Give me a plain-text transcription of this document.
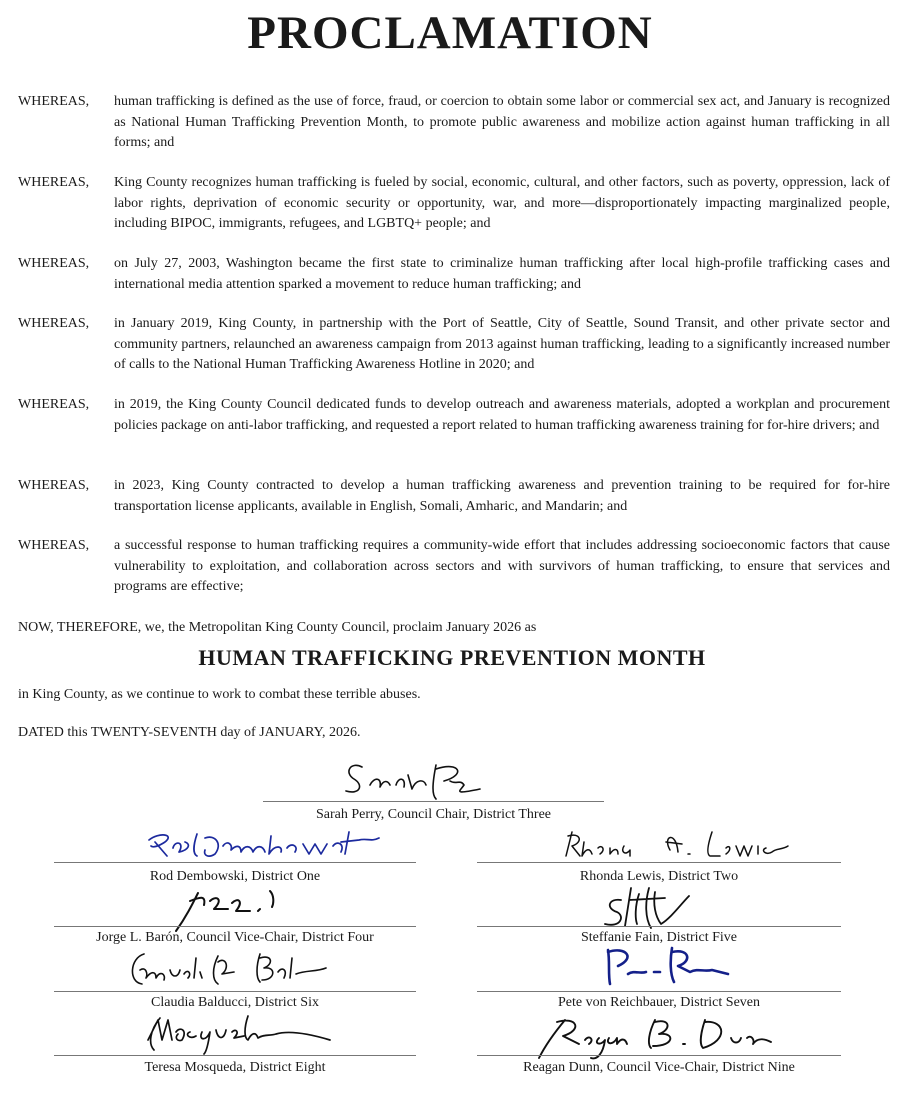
PROCLAMATION
WHEREAS, human trafficking is defined as the use of force, fraud, or coercion to obtain some labor or commercial sex act, and January is recognized as National Human Trafficking Prevention Month, to promote public awareness and mobilize action against human trafficking in all forms; and
WHEREAS, King County recognizes human trafficking is fueled by social, economic, cultural, and other factors, such as poverty, oppression, lack of labor rights, deprivation of economic security or opportunity, war, and more—disproportionately impacting marginalized people, including BIPOC, immigrants, refugees, and LGBTQ+ people; and
WHEREAS, on July 27, 2003, Washington became the first state to criminalize human trafficking after local high-profile trafficking cases and international media attention sparked a movement to reduce human trafficking; and
WHEREAS, in January 2019, King County, in partnership with the Port of Seattle, City of Seattle, Sound Transit, and other private sector and community partners, relaunched an awareness campaign from 2013 against human trafficking, leading to a significantly increased number of calls to the National Human Trafficking Awareness Hotline in 2020; and
WHEREAS, in 2019, the King County Council dedicated funds to develop outreach and awareness materials, adopted a workplan and procurement policies package on anti-labor trafficking, and requested a report related to human trafficking awareness training for for-hire drivers; and
WHEREAS, in 2023, King County contracted to develop a human trafficking awareness and prevention training to be required for for-hire transportation license applicants, available in English, Somali, Amharic, and Mandarin; and
WHEREAS, a successful response to human trafficking requires a community-wide effort that includes addressing socioeconomic factors that cause vulnerability to exploitation, and collaboration across sectors and with survivors of human trafficking, to ensure that services and programs are effective;
NOW, THEREFORE, we, the Metropolitan King County Council, proclaim January 2026 as
HUMAN TRAFFICKING PREVENTION MONTH
in King County, as we continue to work to combat these terrible abuses.
DATED this TWENTY-SEVENTH day of JANUARY, 2026.
Sarah Perry, Council Chair, District Three
Rod Dembowski, District One
Jorge L. Barón, Council Vice-Chair, District Four
Claudia Balducci, District Six
Teresa Mosqueda, District Eight
Rhonda Lewis, District Two
Steffanie Fain, District Five
Pete von Reichbauer, District Seven
Reagan Dunn, Council Vice-Chair, District Nine
